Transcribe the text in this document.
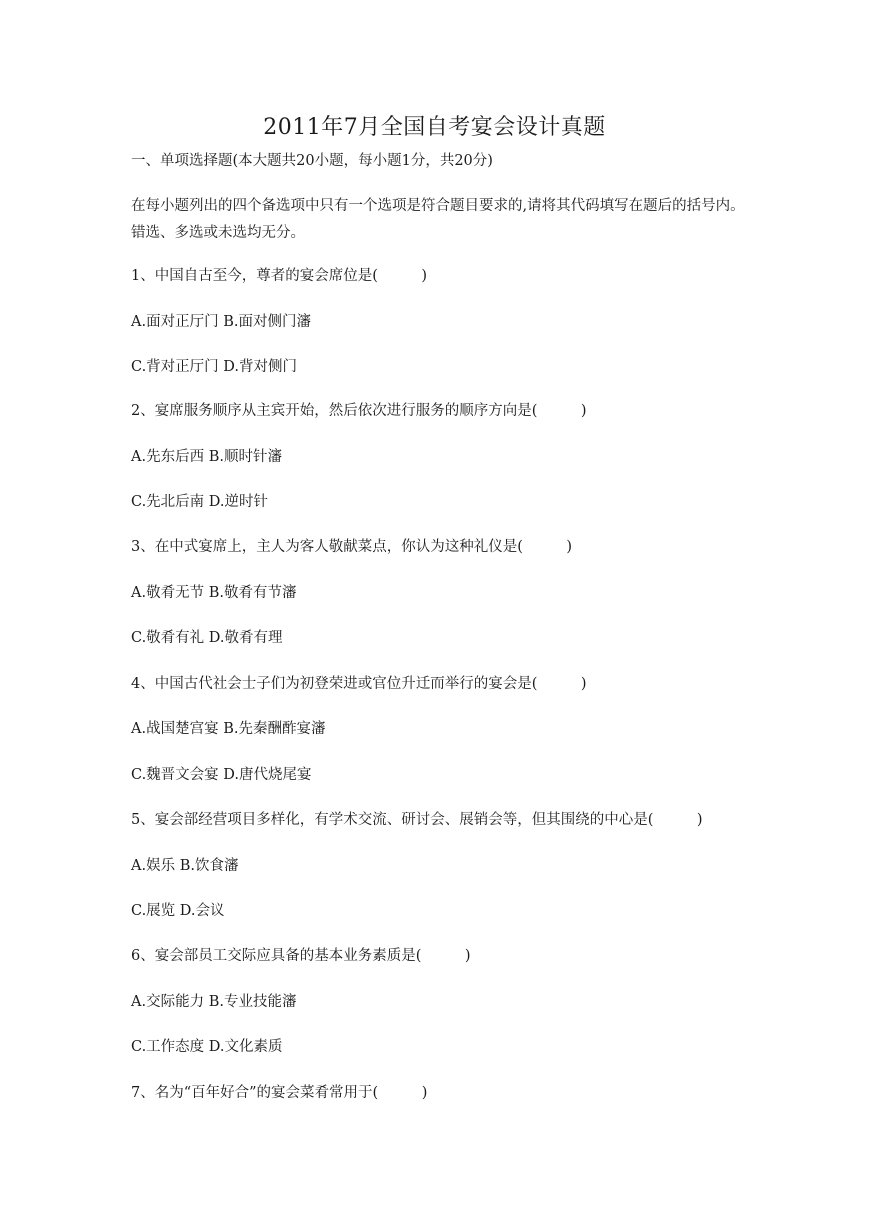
2011年7月全国自考宴会设计真题
一、单项选择题(本大题共20小题，每小题1分，共20分)
在每小题列出的四个备选项中只有一个选项是符合题目要求的,请将其代码填写在题后的括号内。错选、多选或未选均无分。
1、中国自古至今，尊者的宴会席位是(　　　)
A.面对正厅门 B.面对侧门瀋
C.背对正厅门 D.背对侧门
2、宴席服务顺序从主宾开始，然后依次进行服务的顺序方向是(　　　)
A.先东后西 B.顺时针瀋
C.先北后南 D.逆时针
3、在中式宴席上，主人为客人敬献菜点，你认为这种礼仪是(　　　)
A.敬肴无节 B.敬肴有节瀋
C.敬肴有礼 D.敬肴有理
4、中国古代社会士子们为初登荣进或官位升迁而举行的宴会是(　　　)
A.战国楚宫宴 B.先秦酬酢宴瀋
C.魏晋文会宴 D.唐代烧尾宴
5、宴会部经营项目多样化，有学术交流、研讨会、展销会等，但其围绕的中心是(　　　)
A.娱乐 B.饮食瀋
C.展览 D.会议
6、宴会部员工交际应具备的基本业务素质是(　　　)
A.交际能力 B.专业技能瀋
C.工作态度 D.文化素质
7、名为“百年好合”的宴会菜肴常用于(　　　)
